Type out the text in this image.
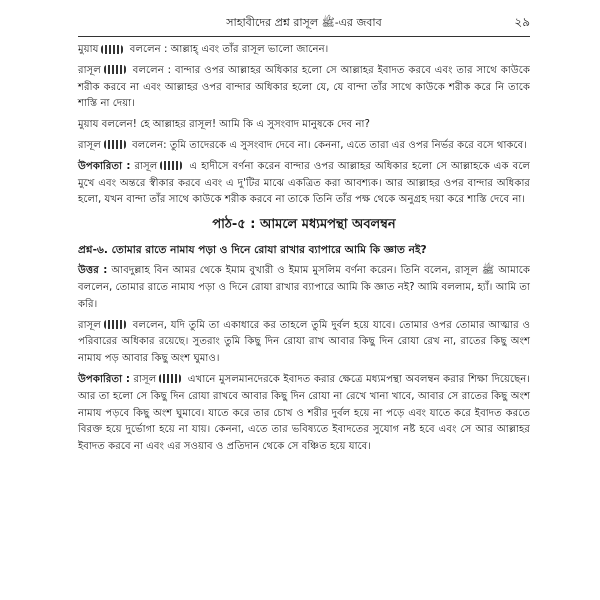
সাহাবীদের প্রশ্ন রাসূল ﷺ-এর জবাব	২৯

মুয়ায	বললেন : আল্লাহ্ এবং তাঁর রাসূল ভালো জানেন।

রাসূল	বললেন : বান্দার ওপর আল্লাহর অধিকার হলো সে আল্লাহর ইবাদত করবে এবং তার সাথে কাউকে শরীক করবে না এবং আল্লাহর ওপর বান্দার অধিকার হলো যে, যে বান্দা তাঁর সাথে কাউকে শরীক করে নি তাকে শাস্তি না দেয়া।

মুয়ায বললেন! হে আল্লাহর রাসূল! আমি কি এ সুসংবাদ মানুষকে দেব না?

রাসূল	বললেন: তুমি তাদেরকে এ সুসংবাদ দেবে না। কেননা, এতে তারা এর ওপর নির্ভর করে বসে থাকবে।

উপকারিতা : রাসূল	এ হাদীসে বর্ণনা করেন বান্দার ওপর আল্লাহর অধিকার হলো সে আল্লাহকে এক বলে মুখে এবং অন্তরে স্বীকার করবে এবং এ দু'টির মাঝে একত্রিত করা আবশ্যক। আর আল্লাহর ওপর বান্দার অধিকার হলো, যখন বান্দা তাঁর সাথে কাউকে শরীক করবে না তাকে তিনি তাঁর পক্ষ থেকে অনুগ্রহ দয়া করে শাস্তি দেবে না।

পাঠ-৫ : আমলে মধ্যমপন্থা অবলম্বন

প্রশ্ন-৬. তোমার রাতে নামায পড়া ও দিনে রোযা রাখার ব্যাপারে আমি কি জ্ঞাত নই?

উত্তর : আবদুল্লাহ বিন আমর থেকে ইমাম বুখারী ও ইমাম মুসলিম বর্ণনা করেন। তিনি বলেন, রাসূল ﷺ আমাকে বললেন, তোমার রাতে নামায পড়া ও দিনে রোযা রাখার ব্যাপারে আমি কি জ্ঞাত নই? আমি বললাম, হ্যাঁ। আমি তা করি।

রাসূল	বললেন, যদি তুমি তা একাধারে কর তাহলে তুমি দুর্বল হয়ে যাবে। তোমার ওপর তোমার আত্মার ও পরিবারের অধিকার রয়েছে। সুতরাং তুমি কিছু দিন রোযা রাখ আবার কিছু দিন রোযা রেখ না, রাতের কিছু অংশ নামায পড় আবার কিছু অংশ ঘুমাও।

উপকারিতা : রাসূল	এখানে মুসলমানদেরকে ইবাদত করার ক্ষেত্রে মধ্যমপন্থা অবলম্বন করার শিক্ষা দিয়েছেন। আর তা হলো সে কিছু দিন রোযা রাখবে আবার কিছু দিন রোযা না রেখে খানা খাবে, আবার সে রাতের কিছু অংশ নামায পড়বে কিছু অংশ ঘুমাবে। যাতে করে তার চোখ ও শরীর দুর্বল হয়ে না পড়ে এবং যাতে করে ইবাদত করতে বিরক্ত হয়ে দুর্ভোগা হয়ে না যায়। কেননা, এতে তার ভবিষ্যতে ইবাদতের সুযোগ নষ্ট হবে এবং সে আর আল্লাহর ইবাদত করবে না এবং এর সওয়াব ও প্রতিদান থেকে সে বঞ্চিত হয়ে যাবে।
